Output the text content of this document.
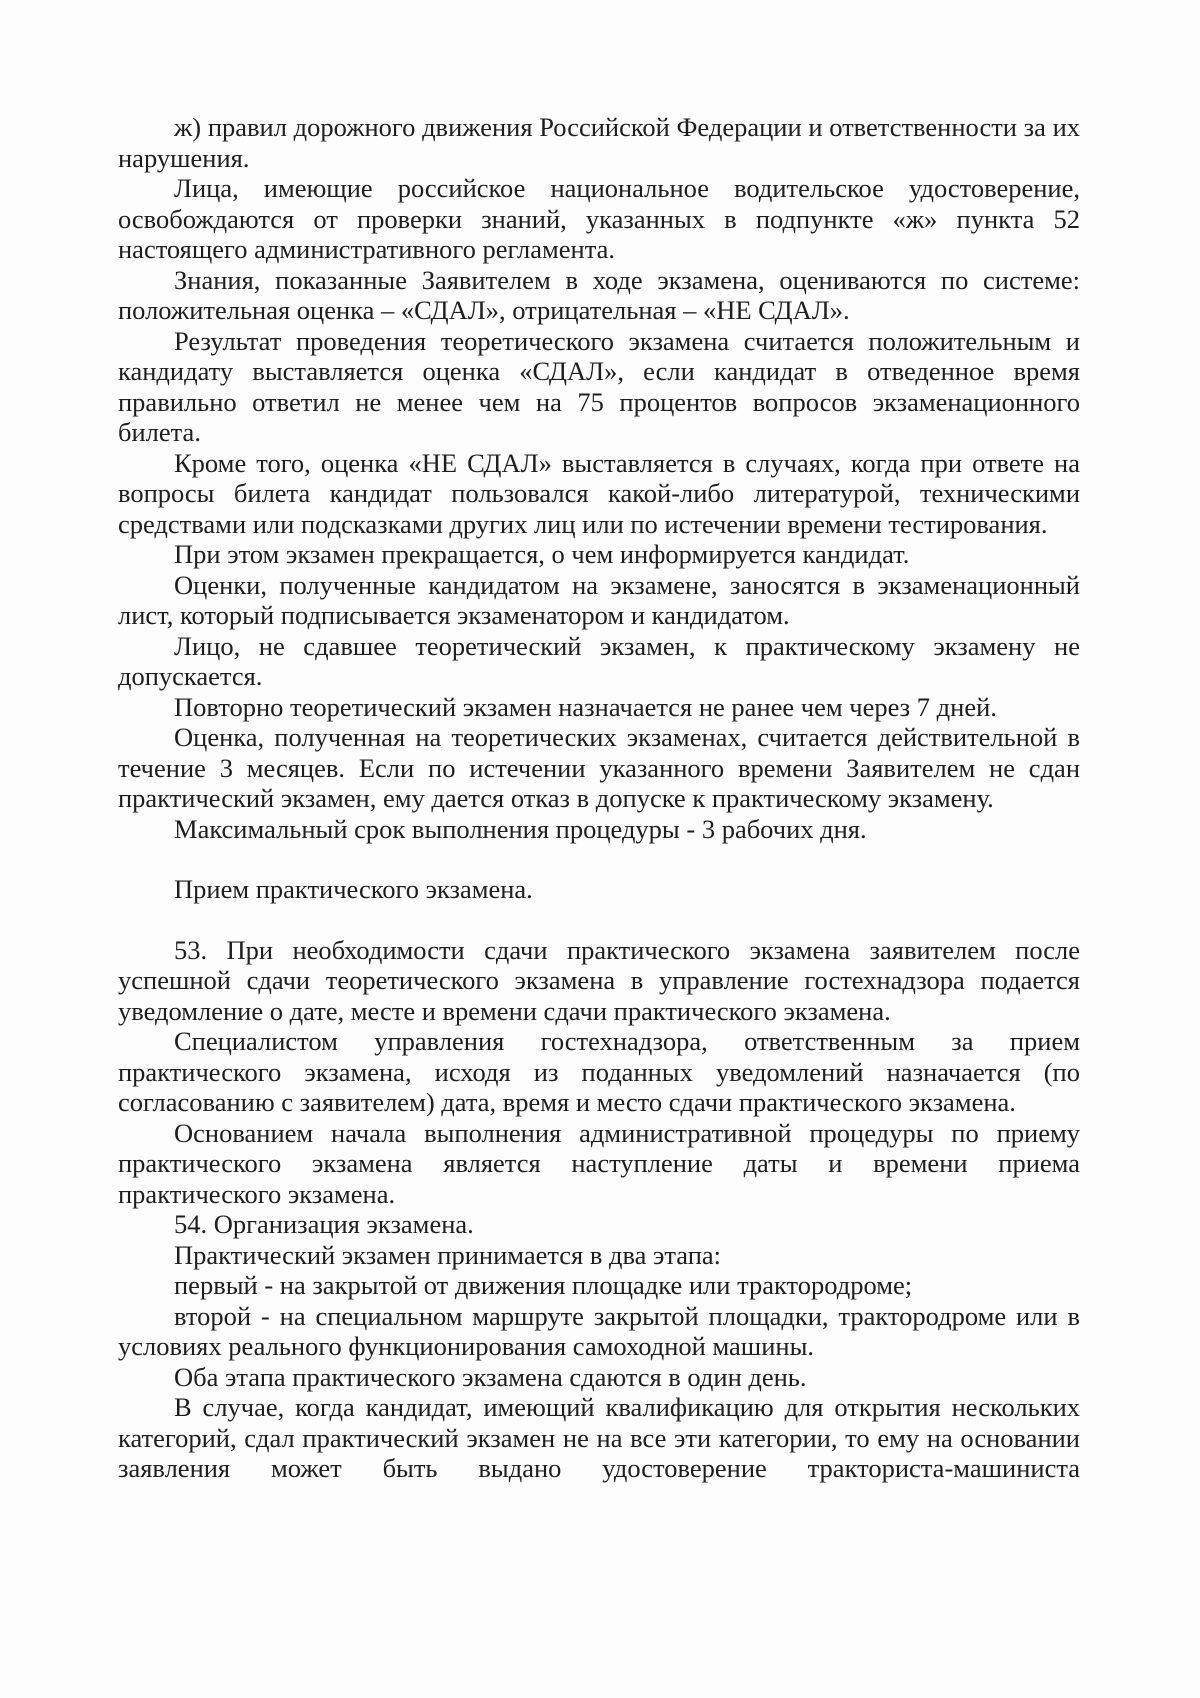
ж) правил дорожного движения Российской Федерации и ответственности за их нарушения.

Лица, имеющие российское национальное водительское удостоверение, освобождаются от проверки знаний, указанных в подпункте «ж» пункта 52 настоящего административного регламента.

Знания, показанные Заявителем в ходе экзамена, оцениваются по системе: положительная оценка – «СДАЛ», отрицательная – «НЕ СДАЛ».

Результат проведения теоретического экзамена считается положительным и кандидату выставляется оценка «СДАЛ», если кандидат в отведенное время правильно ответил не менее чем на 75 процентов вопросов экзаменационного билета.

Кроме того, оценка «НЕ СДАЛ» выставляется в случаях, когда при ответе на вопросы билета кандидат пользовался какой-либо литературой, техническими средствами или подсказками других лиц или по истечении времени тестирования.

При этом экзамен прекращается, о чем информируется кандидат.

Оценки, полученные кандидатом на экзамене, заносятся в экзаменационный лист, который подписывается экзаменатором и кандидатом.

Лицо, не сдавшее теоретический экзамен, к практическому экзамену не допускается.

Повторно теоретический экзамен назначается не ранее чем через 7 дней.

Оценка, полученная на теоретических экзаменах, считается действительной в течение 3 месяцев. Если по истечении указанного времени Заявителем не сдан практический экзамен, ему дается отказ в допуске к практическому экзамену.

Максимальный срок выполнения процедуры - 3 рабочих дня.

Прием практического экзамена.

53. При необходимости сдачи практического экзамена заявителем после успешной сдачи теоретического экзамена в управление гостехнадзора подается уведомление о дате, месте и времени сдачи практического экзамена.

Специалистом управления гостехнадзора, ответственным за прием практического экзамена, исходя из поданных уведомлений назначается (по согласованию с заявителем) дата, время и место сдачи практического экзамена.

Основанием начала выполнения административной процедуры по приему практического экзамена является наступление даты и времени приема практического экзамена.

54. Организация экзамена.

Практический экзамен принимается в два этапа:

первый - на закрытой от движения площадке или трактородроме;

второй - на специальном маршруте закрытой площадки, трактородроме или в условиях реального функционирования самоходной машины.

Оба этапа практического экзамена сдаются в один день.

В случае, когда кандидат, имеющий квалификацию для открытия нескольких категорий, сдал практический экзамен не на все эти категории, то ему на основании заявления может быть выдано удостоверение тракториста-машиниста
